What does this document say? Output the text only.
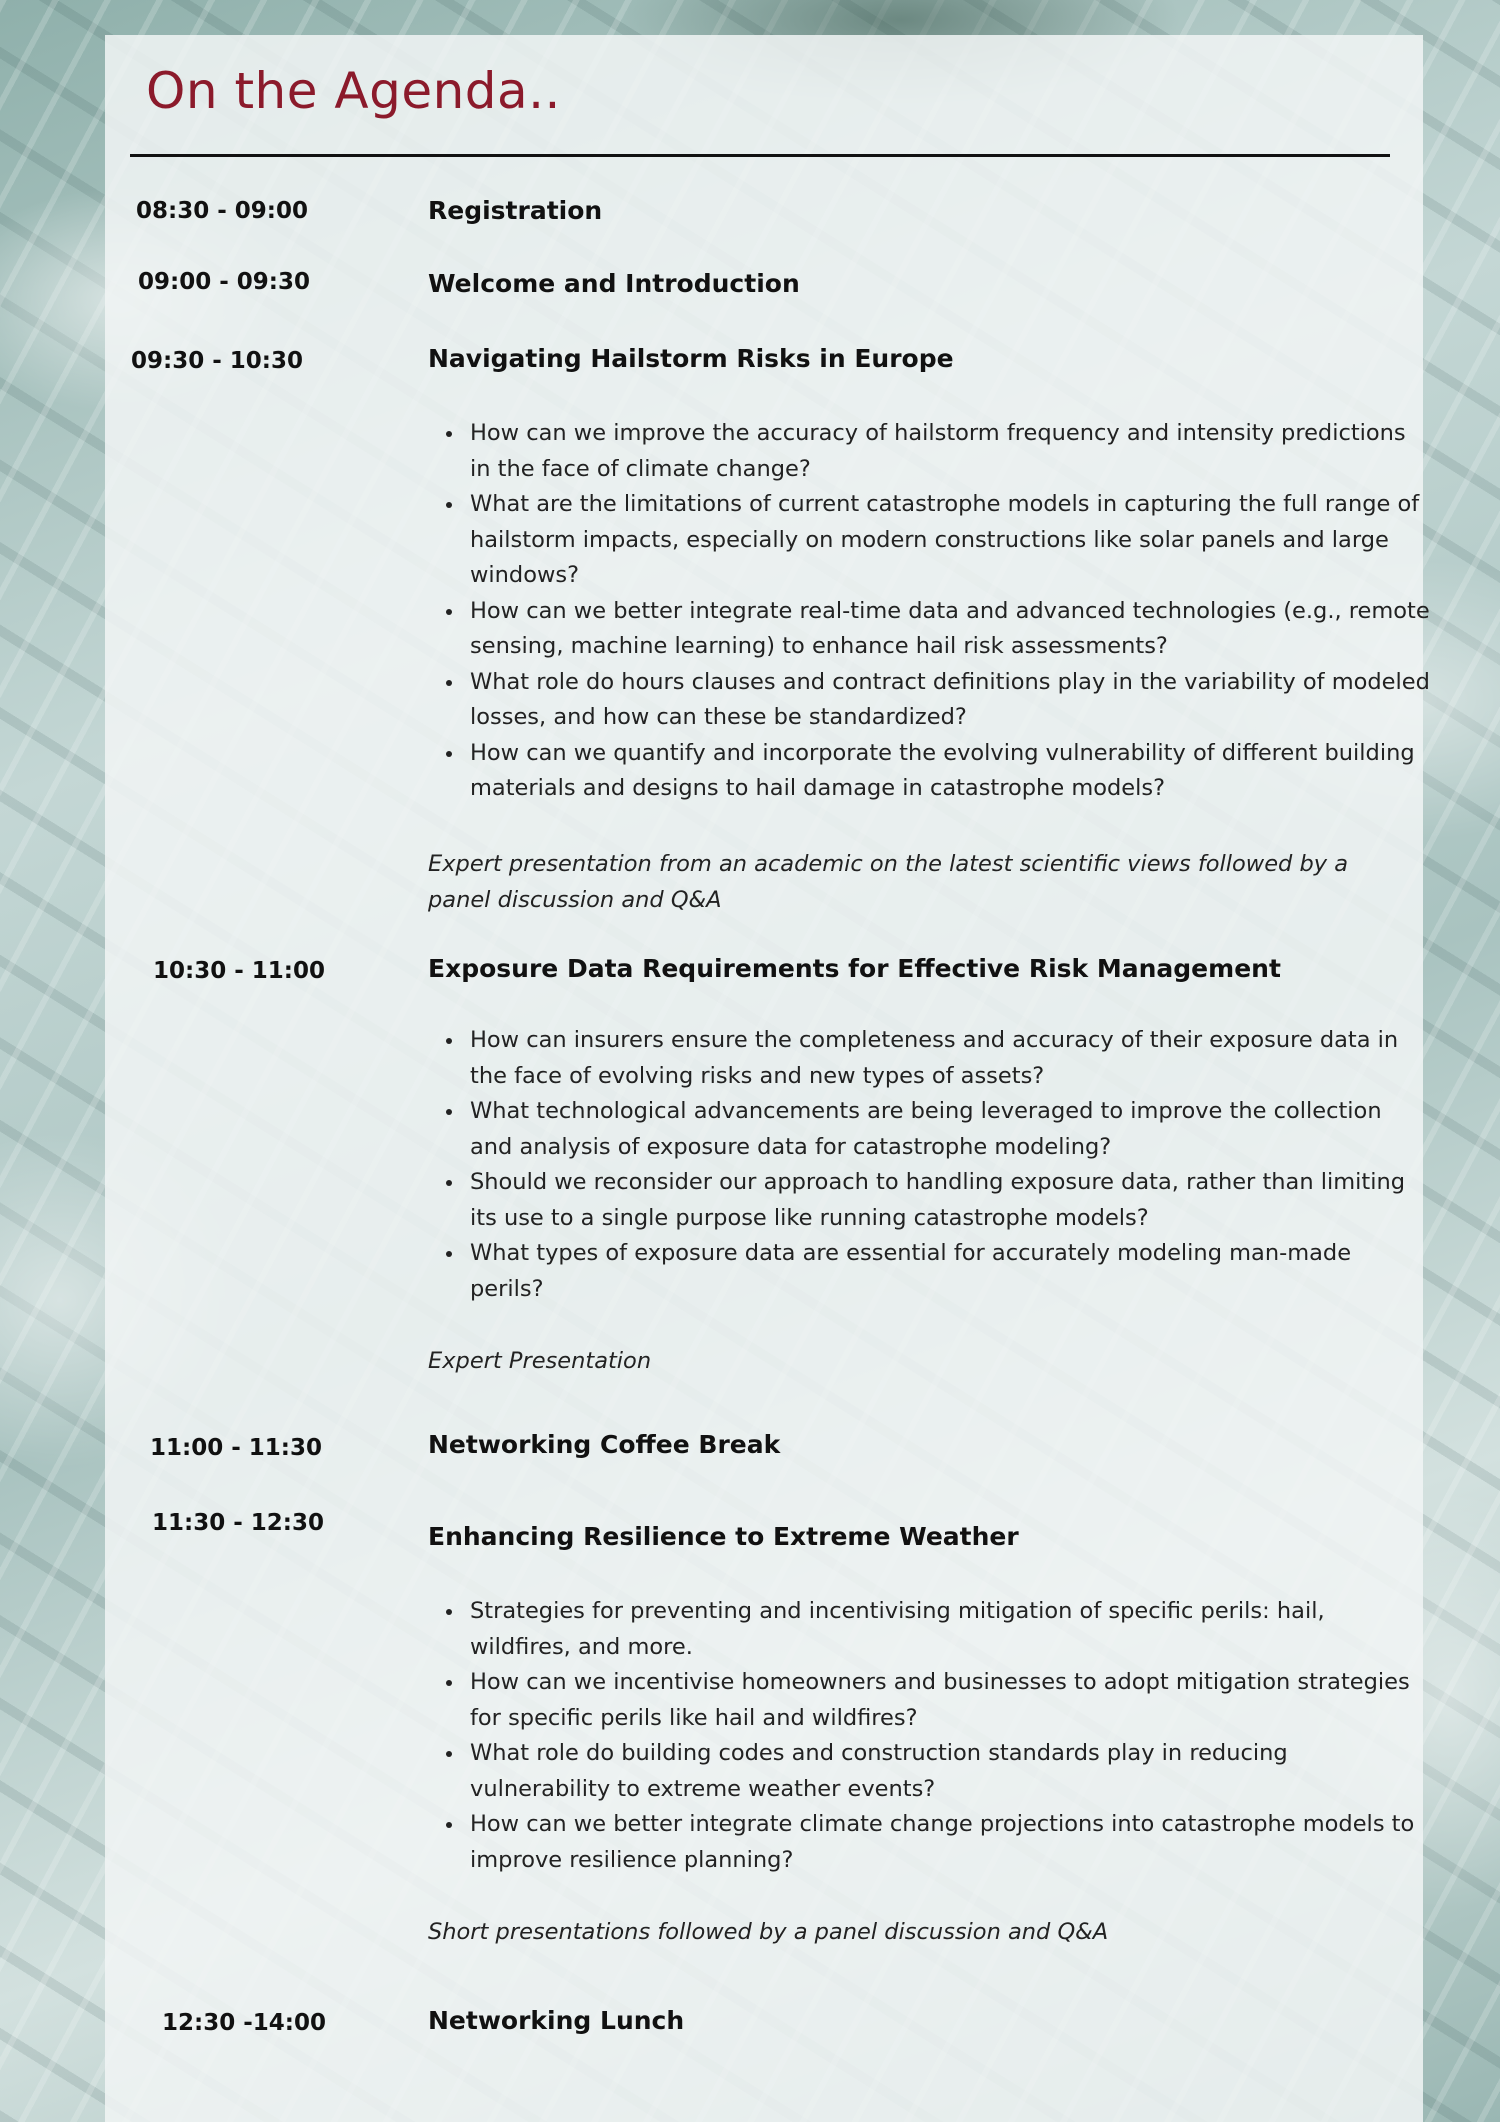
On the Agenda..
08:30 - 09:00	Registration
09:00 - 09:30	Welcome and Introduction
09:30 - 10:30	Navigating Hailstorm Risks in Europe
How can we improve the accuracy of hailstorm frequency and intensity predictions in the face of climate change?
What are the limitations of current catastrophe models in capturing the full range of hailstorm impacts, especially on modern constructions like solar panels and large windows?
How can we better integrate real-time data and advanced technologies (e.g., remote sensing, machine learning) to enhance hail risk assessments?
What role do hours clauses and contract definitions play in the variability of modeled losses, and how can these be standardized?
How can we quantify and incorporate the evolving vulnerability of different building materials and designs to hail damage in catastrophe models?
Expert presentation from an academic on the latest scientific views followed by a panel discussion and Q&A
10:30 - 11:00	Exposure Data Requirements for Effective Risk Management
How can insurers ensure the completeness and accuracy of their exposure data in the face of evolving risks and new types of assets?
What technological advancements are being leveraged to improve the collection and analysis of exposure data for catastrophe modeling?
Should we reconsider our approach to handling exposure data, rather than limiting its use to a single purpose like running catastrophe models?
What types of exposure data are essential for accurately modeling man-made perils?
Expert Presentation
11:00 - 11:30	Networking Coffee Break
11:30 - 12:30	Enhancing Resilience to Extreme Weather
Strategies for preventing and incentivising mitigation of specific perils: hail, wildfires, and more.
How can we incentivise homeowners and businesses to adopt mitigation strategies for specific perils like hail and wildfires?
What role do building codes and construction standards play in reducing vulnerability to extreme weather events?
How can we better integrate climate change projections into catastrophe models to improve resilience planning?
Short presentations followed by a panel discussion and Q&A
12:30 -14:00	Networking Lunch
